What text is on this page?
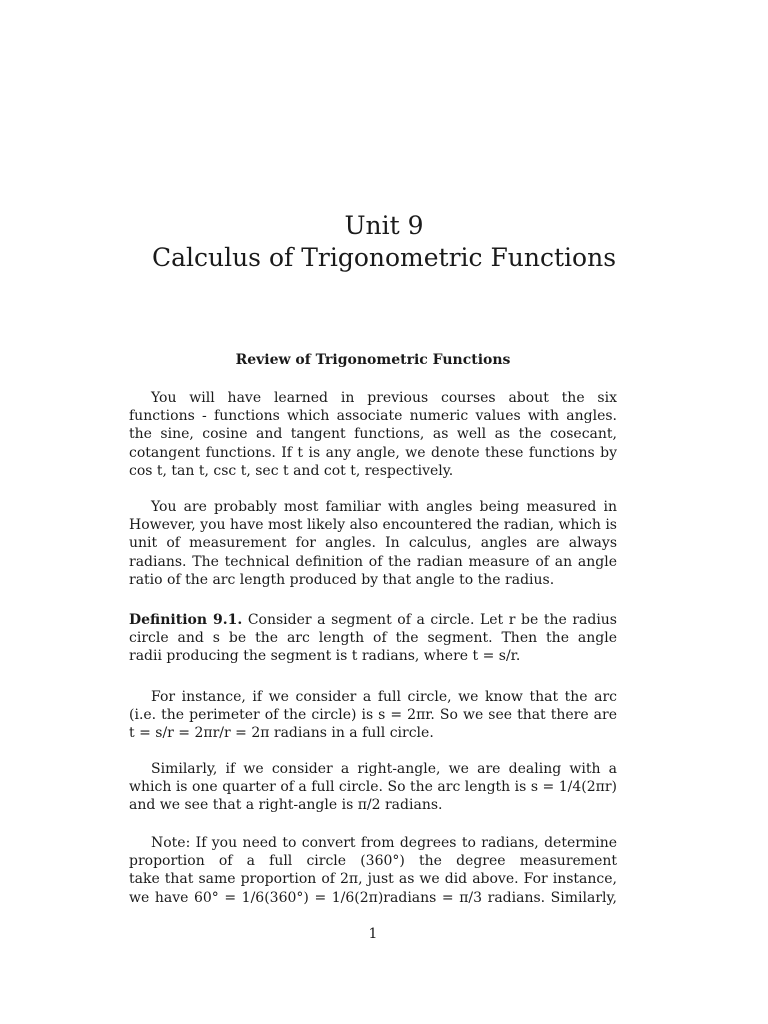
Unit 9
Calculus of Trigonometric Functions
Review of Trigonometric Functions
You will have learned in previous courses about the six
functions - functions which associate numeric values with angles.
the sine, cosine and tangent functions, as well as the cosecant,
cotangent functions. If t is any angle, we denote these functions by
cos t, tan t, csc t, sec t and cot t, respectively.
You are probably most familiar with angles being measured in
However, you have most likely also encountered the radian, which is
unit of measurement for angles. In calculus, angles are always
radians. The technical definition of the radian measure of an angle
ratio of the arc length produced by that angle to the radius.
Definition 9.1. Consider a segment of a circle. Let r be the radius
circle and s be the arc length of the segment. Then the angle
radii producing the segment is t radians, where t = s/r.
For instance, if we consider a full circle, we know that the arc
(i.e. the perimeter of the circle) is s = 2πr. So we see that there are
t = s/r = 2πr/r = 2π radians in a full circle.
Similarly, if we consider a right-angle, we are dealing with a
which is one quarter of a full circle. So the arc length is s = 1/4(2πr)
and we see that a right-angle is π/2 radians.
Note: If you need to convert from degrees to radians, determine
proportion of a full circle (360°) the degree measurement
take that same proportion of 2π, just as we did above. For instance,
we have 60° = 1/6(360°) = 1/6(2π)radians = π/3 radians. Similarly,
1
